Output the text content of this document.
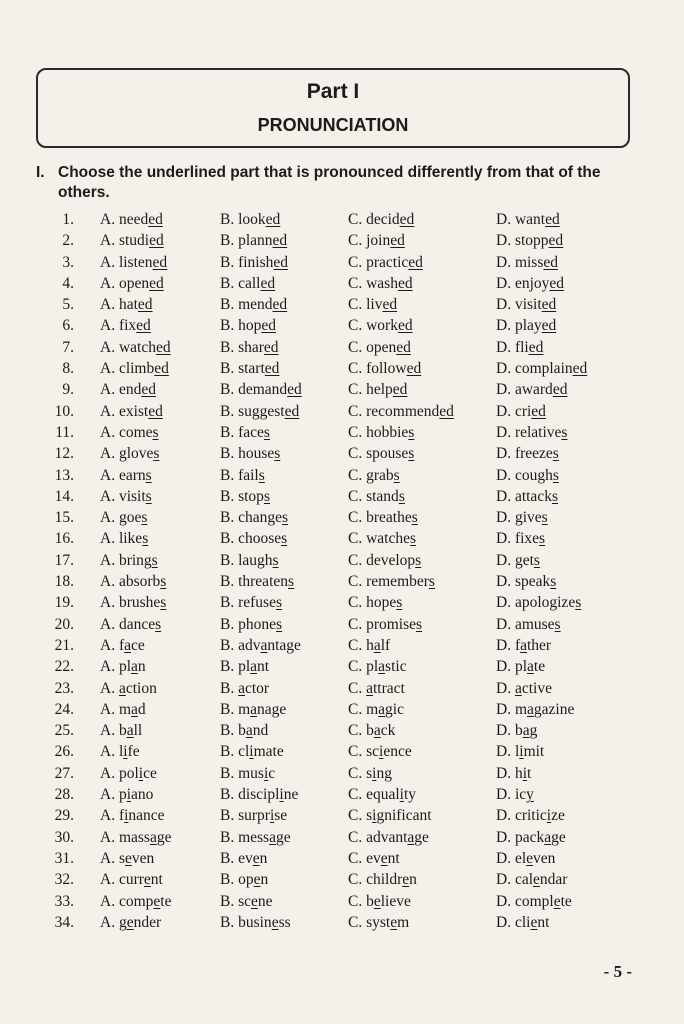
Part I
PRONUNCIATION
I. Choose the underlined part that is pronounced differently from that of the others.
1. A. needed	B. looked	C. decided	D. wanted
2. A. studied	B. planned	C. joined	D. stopped
3. A. listened	B. finished	C. practiced	D. missed
4. A. opened	B. called	C. washed	D. enjoyed
5. A. hated	B. mended	C. lived	D. visited
6. A. fixed	B. hoped	C. worked	D. played
7. A. watched	B. shared	C. opened	D. flied
8. A. climbed	B. started	C. followed	D. complained
9. A. ended	B. demanded	C. helped	D. awarded
10. A. existed	B. suggested	C. recommended	D. cried
11. A. comes	B. faces	C. hobbies	D. relatives
12. A. gloves	B. houses	C. spouses	D. freezes
13. A. earns	B. fails	C. grabs	D. coughs
14. A. visits	B. stops	C. stands	D. attacks
15. A. goes	B. changes	C. breathes	D. gives
16. A. likes	B. chooses	C. watches	D. fixes
17. A. brings	B. laughs	C. develops	D. gets
18. A. absorbs	B. threatens	C. remembers	D. speaks
19. A. brushes	B. refuses	C. hopes	D. apologizes
20. A. dances	B. phones	C. promises	D. amuses
21. A. face	B. advantage	C. half	D. father
22. A. plan	B. plant	C. plastic	D. plate
23. A. action	B. actor	C. attract	D. active
24. A. mad	B. manage	C. magic	D. magazine
25. A. ball	B. band	C. back	D. bag
26. A. life	B. climate	C. science	D. limit
27. A. police	B. music	C. sing	D. hit
28. A. piano	B. discipline	C. equality	D. icy
29. A. finance	B. surprise	C. significant	D. criticize
30. A. massage	B. message	C. advantage	D. package
31. A. seven	B. even	C. event	D. eleven
32. A. current	B. open	C. children	D. calendar
33. A. compete	B. scene	C. believe	D. complete
34. A. gender	B. business	C. system	D. client
- 5 -
